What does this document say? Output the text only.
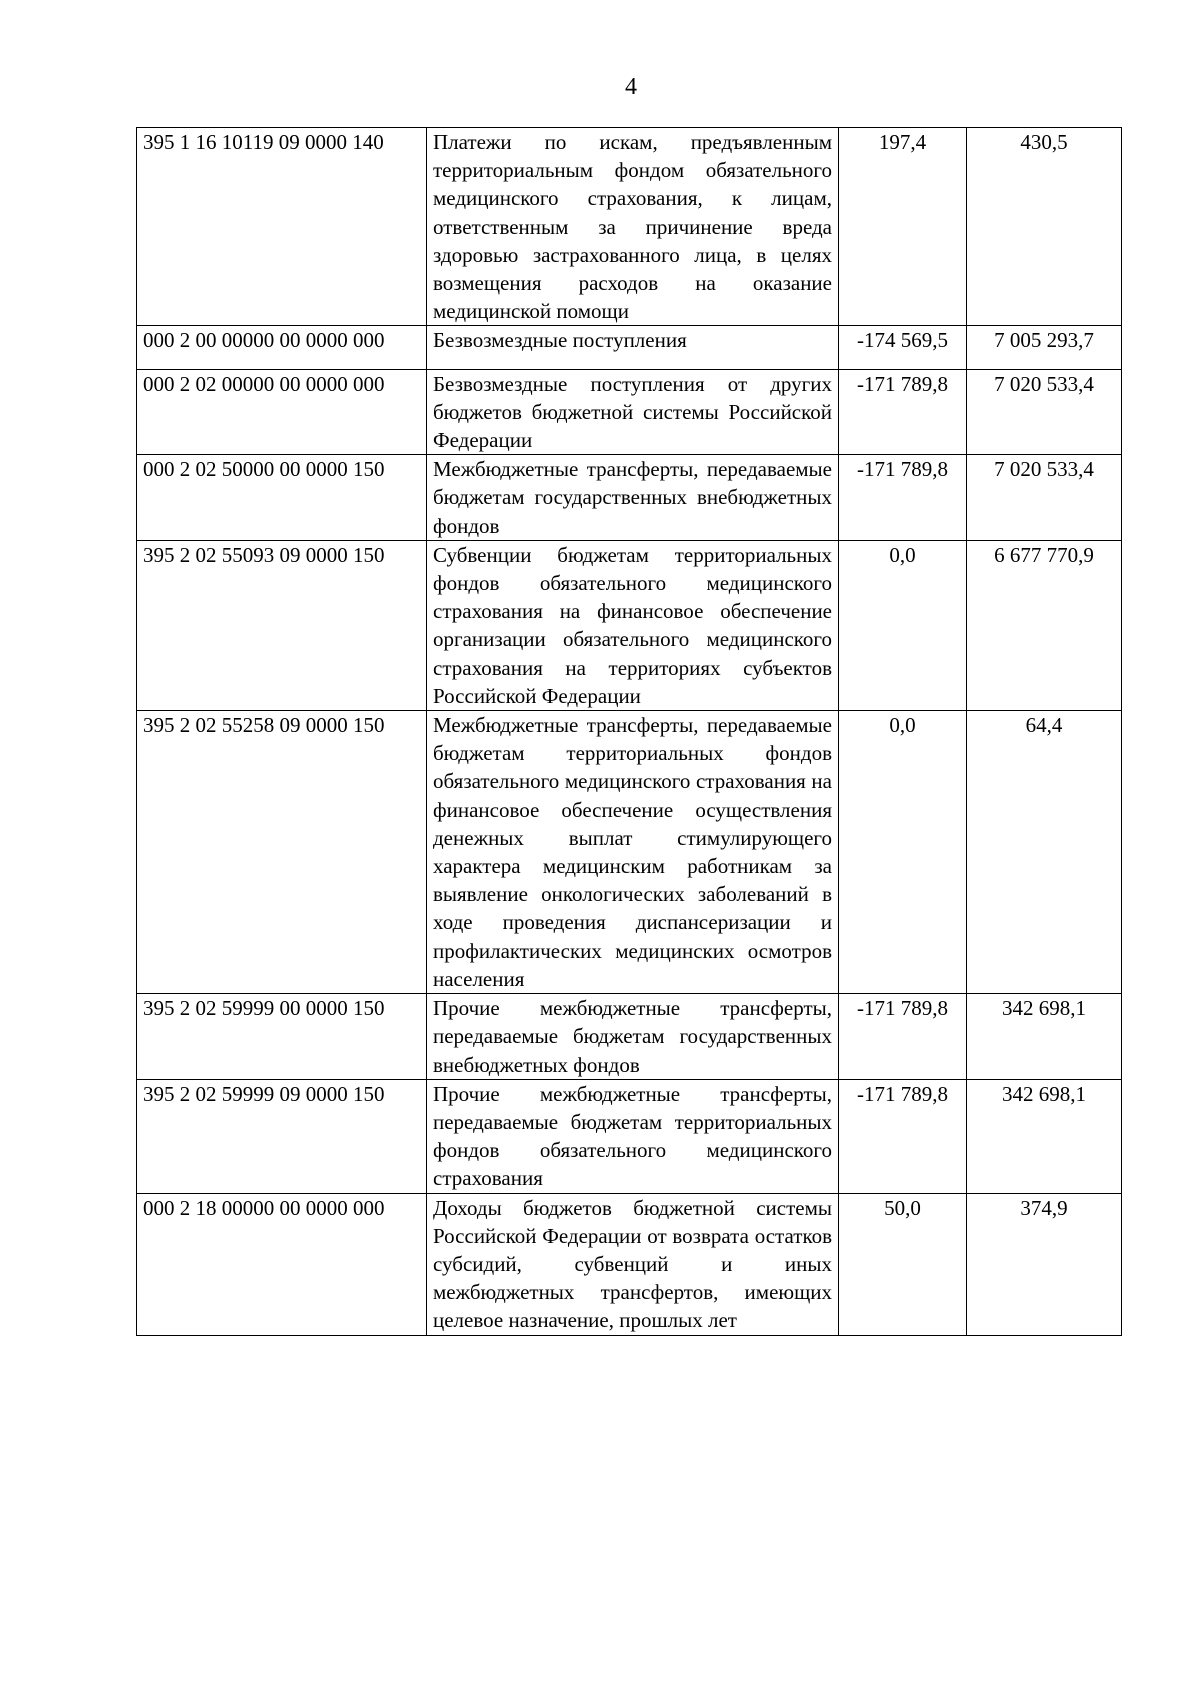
4
395 1 16 10119 09 0000 140	Платежи по искам, предъявленным территориальным фондом обязательного медицинского страхования, к лицам, ответственным за причинение вреда здоровью застрахованного лица, в целях возмещения расходов на оказание медицинской помощи	197,4	430,5
000 2 00 00000 00 0000 000	Безвозмездные поступления	-174 569,5	7 005 293,7
000 2 02 00000 00 0000 000	Безвозмездные поступления от других бюджетов бюджетной системы Российской Федерации	-171 789,8	7 020 533,4
000 2 02 50000 00 0000 150	Межбюджетные трансферты, передаваемые бюджетам государственных внебюджетных фондов	-171 789,8	7 020 533,4
395 2 02 55093 09 0000 150	Субвенции бюджетам территориальных фондов обязательного медицинского страхования на финансовое обеспечение организации обязательного медицинского страхования на территориях субъектов Российской Федерации	0,0	6 677 770,9
395 2 02 55258 09 0000 150	Межбюджетные трансферты, передаваемые бюджетам территориальных фондов обязательного медицинского страхования на финансовое обеспечение осуществления денежных выплат стимулирующего характера медицинским работникам за выявление онкологических заболеваний в ходе проведения диспансеризации и профилактических медицинских осмотров населения	0,0	64,4
395 2 02 59999 00 0000 150	Прочие межбюджетные трансферты, передаваемые бюджетам государственных внебюджетных фондов	-171 789,8	342 698,1
395 2 02 59999 09 0000 150	Прочие межбюджетные трансферты, передаваемые бюджетам территориальных фондов обязательного медицинского страхования	-171 789,8	342 698,1
000 2 18 00000 00 0000 000	Доходы бюджетов бюджетной системы Российской Федерации от возврата остатков субсидий, субвенций и иных межбюджетных трансфертов, имеющих целевое назначение, прошлых лет	50,0	374,9
